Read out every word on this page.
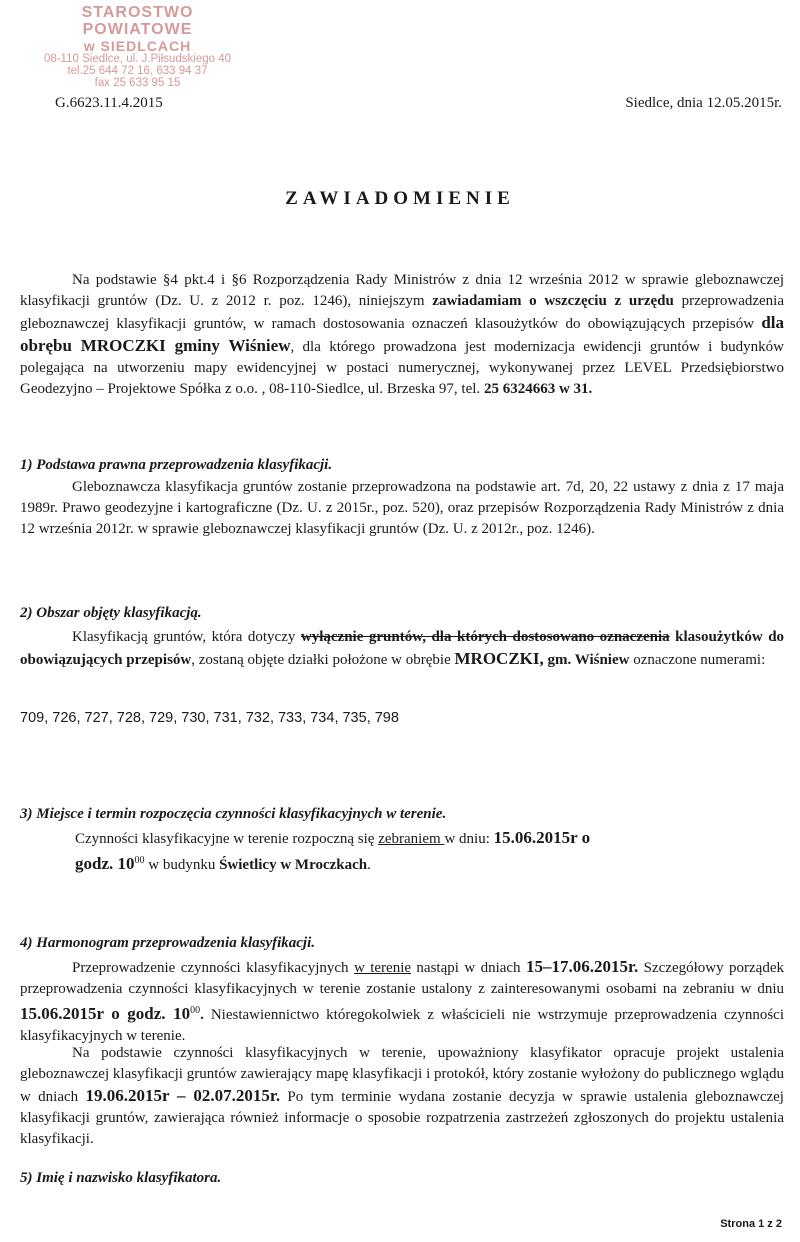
STAROSTWO POWIATOWE
w SIEDLCACH
08-110 Siedlce, ul. J.Piłsudskiego 40
tel.25 644 72 16, 633 94 37
fax 25 633 95 15
G.6623.11.4.2015	Siedlce, dnia 12.05.2015r.
ZAWIADOMIENIE
Na podstawie §4 pkt.4 i §6 Rozporządzenia Rady Ministrów z dnia 12 września 2012 w sprawie gleboznawczej klasyfikacji gruntów (Dz. U. z 2012 r. poz. 1246), niniejszym zawiadamiam o wszczęciu z urzędu przeprowadzenia gleboznawczej klasyfikacji gruntów, w ramach dostosowania oznaczeń klasoużytków do obowiązujących przepisów dla obrębu MROCZKI gminy Wiśniew, dla którego prowadzona jest modernizacja ewidencji gruntów i budynków polegająca na utworzeniu mapy ewidencyjnej w postaci numerycznej, wykonywanej przez LEVEL Przedsiębiorstwo Geodezyjno – Projektowe Spółka z o.o. , 08-110-Siedlce, ul. Brzeska 97, tel. 25 6324663 w 31.
1) Podstawa prawna przeprowadzenia klasyfikacji.
Gleboznawcza klasyfikacja gruntów zostanie przeprowadzona na podstawie art. 7d, 20, 22 ustawy z dnia z 17 maja 1989r. Prawo geodezyjne i kartograficzne (Dz. U. z 2015r., poz. 520), oraz przepisów Rozporządzenia Rady Ministrów z dnia 12 września 2012r. w sprawie gleboznawczej klasyfikacji gruntów (Dz. U. z 2012r., poz. 1246).
2) Obszar objęty klasyfikacją.
Klasyfikacją gruntów, która dotyczy wyłącznie gruntów, dla których dostosowano oznaczenia klasoużytków do obowiązujących przepisów, zostaną objęte działki położone w obrębie MROCZKI, gm. Wiśniew oznaczone numerami:
709, 726, 727, 728, 729, 730, 731, 732, 733, 734, 735, 798
3) Miejsce i termin rozpoczęcia czynności klasyfikacyjnych w terenie.
Czynności klasyfikacyjne w terenie rozpoczną się zebraniem w dniu: 15.06.2015r o
godz. $10^{00}$ w budynku Świetlicy w Mroczkach.
4) Harmonogram przeprowadzenia klasyfikacji.
Przeprowadzenie czynności klasyfikacyjnych w terenie nastąpi w dniach 15–17.06.2015r. Szczegółowy porządek przeprowadzenia czynności klasyfikacyjnych w terenie zostanie ustalony z zainteresowanymi osobami na zebraniu w dniu 15.06.2015r o godz. $10^{00}$. Niestawiennictwo któregokolwiek z właścicieli nie wstrzymuje przeprowadzenia czynności klasyfikacyjnych w terenie.
Na podstawie czynności klasyfikacyjnych w terenie, upoważniony klasyfikator opracuje projekt ustalenia gleboznawczej klasyfikacji gruntów zawierający mapę klasyfikacji i protokół, który zostanie wyłożony do publicznego wglądu w dniach 19.06.2015r – 02.07.2015r. Po tym terminie wydana zostanie decyzja w sprawie ustalenia gleboznawczej klasyfikacji gruntów, zawierająca również informacje o sposobie rozpatrzenia zastrzeżeń zgłoszonych do projektu ustalenia klasyfikacji.
5) Imię i nazwisko klasyfikatora.
Strona 1 z 2
